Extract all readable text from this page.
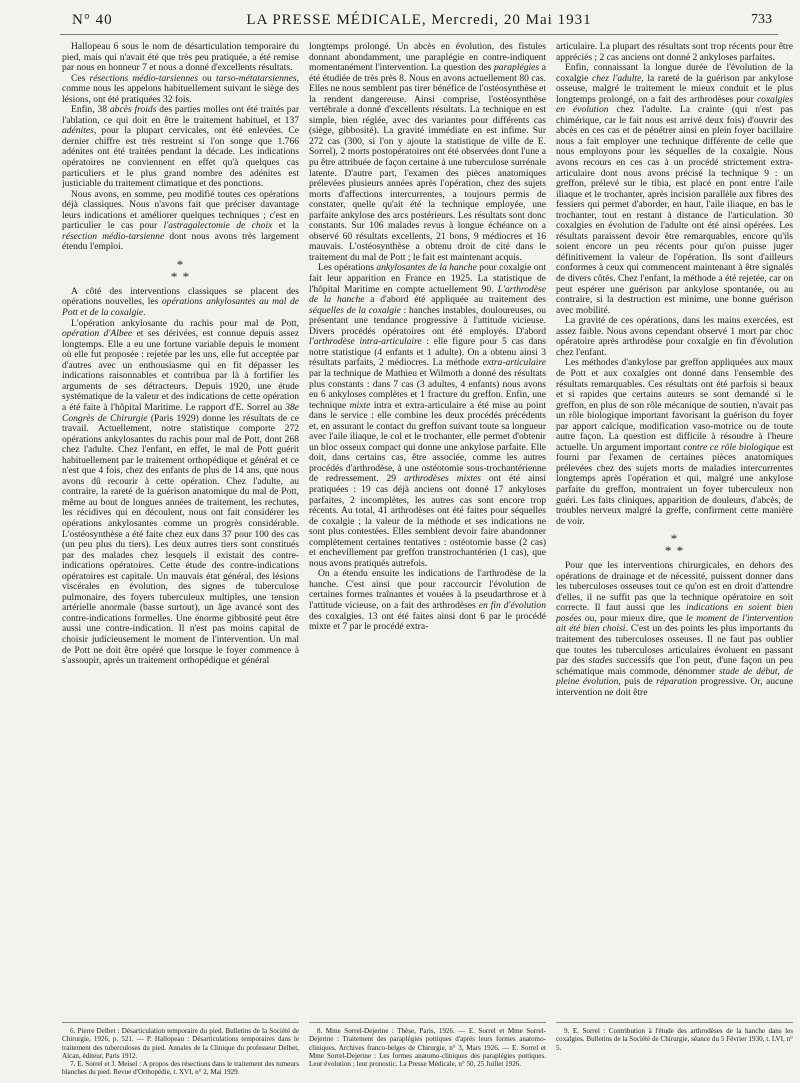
N° 40	LA PRESSE MÉDICALE, Mercredi, 20 Mai 1931	733

Hallopeau 6 sous le nom de désarticulation temporaire du pied, mais qui n'avait été que très peu pratiquée, a été remise par nous en honneur 7 et nous a donné d'excellents résultats.

Ces résections médio-tarsiennes ou tarso-métatarsiennes, comme nous les appelons habituellement suivant le siège des lésions, ont été pratiquées 32 fois.

Enfin, 38 abcès froids des parties molles ont été traités par l'ablation, ce qui doit en être le traitement habituel, et 137 adénites, pour la plupart cervicales, ont été enlevées. Ce dernier chiffre est très restreint si l'on songe que 1.766 adénites ont été traitées pendant la décade. Les indications opératoires ne conviennent en effet qu'à quelques cas particuliers et le plus grand nombre des adénites est justiciable du traitement climatique et des ponctions.

Nous avons, en somme, peu modifié toutes ces opérations déjà classiques. Nous n'avons fait que préciser davantage leurs indications et améliorer quelques techniques ; c'est en particulier le cas pour l'astragalectomie de choix et la résection médio-tarsienne dont nous avons très largement étendu l'emploi.

*
* *

A côté des interventions classiques se placent des opérations nouvelles, les opérations ankylosantes au mal de Pott et de la coxalgie.

L'opération ankylosante du rachis pour mal de Pott, opération d'Albee et ses dérivées, est connue depuis assez longtemps. Elle a eu une fortune variable depuis le moment où elle fut proposée : rejetée par les uns, elle fut acceptée par d'autres avec un enthousiasme qui en fit dépasser les indications raisonnables et contribua par là à fortifier les arguments de ses détracteurs. Depuis 1920, une étude systématique de la valeur et des indications de cette opération a été faite à l'hôpital Maritime. Le rapport d'E. Sorrel au 38e Congrès de Chirurgie (Paris 1929) donne les résultats de ce travail. Actuellement, notre statistique comporte 272 opérations ankylosantes du rachis pour mal de Pott, dont 268 chez l'adulte. Chez l'enfant, en effet, le mal de Pott guérit habituellement par le traitement orthopédique et général et ce n'est que 4 fois, chez des enfants de plus de 14 ans, que nous avons dû recourir à cette opération. Chez l'adulte, au contraire, la rareté de la guérison anatomique du mal de Pott, même au bout de longues années de traitement, les rechutes, les récidives qui en découlent, nous ont fait considérer les opérations ankylosantes comme un progrès considérable. L'ostéosynthèse a été faite chez eux dans 37 pour 100 des cas (un peu plus du tiers). Les deux autres tiers sont constitués par des malades chez lesquels il existait des contre-indications opératoires. Cette étude des contre-indications opératoires est capitale. Un mauvais état général, des lésions viscérales en évolution, des signes de tuberculose pulmonaire, des foyers tuberculeux multiples, une tension artérielle anormale (basse surtout), un âge avancé sont des contre-indications formelles. Une énorme gibbosité peut être aussi une contre-indication. Il n'est pas moins capital de choisir judicieusement le moment de l'intervention. Un mal de Pott ne doit être opéré que lorsque le foyer commence à s'assoupir, après un traitement orthopédique et général

longtemps prolongé. Un abcès en évolution, des fistules donnant abondamment, une paraplégie en contre-indiquent momentanément l'intervention. La question des paraplégies a été étudiée de très près 8. Nous en avons actuellement 80 cas. Elles ne nous semblent pas tirer bénéfice de l'ostéosynthèse et la rendent dangereuse. Ainsi comprise, l'ostéosynthèse vertébrale a donné d'excellents résultats. La technique en est simple, bien réglée, avec des variantes pour différents cas (siège, gibbosité). La gravité immédiate en est infime. Sur 272 cas (300, si l'on y ajoute la statistique de ville de E. Sorrel), 2 morts postopératoires ont été observées dont l'une a pu être attribuée de façon certaine à une tuberculose surrénale latente. D'autre part, l'examen des pièces anatomiques prélevées plusieurs années après l'opération, chez des sujets morts d'affections intercurrentes, a toujours permis de constater, quelle qu'ait été la technique employée, une parfaite ankylose des arcs postérieurs. Les résultats sont donc constants. Sur 106 malades revus à longue échéance on a observé 60 résultats excellents, 21 bons, 9 médiocres et 16 mauvais. L'ostéosynthèse a obtenu droit de cité dans le traitement du mal de Pott ; le fait est maintenant acquis.

Les opérations ankylosantes de la hanche pour coxalgie ont fait leur apparition en France en 1925. La statistique de l'hôpital Maritime en compte actuellement 90. L'arthrodèse de la hanche a d'abord été appliquée au traitement des séquelles de la coxalgie : hanches instables, douloureuses, ou présentant une tendance progressive à l'attitude vicieuse. Divers procédés opératoires ont été employés. D'abord l'arthrodèse intra-articulaire : elle figure pour 5 cas dans notre statistique (4 enfants et 1 adulte). On a obtenu ainsi 3 résultats parfaits, 2 médiocres. La méthode extra-articulaire par la technique de Mathieu et Wilmoth a donné des résultats plus constants : dans 7 cas (3 adultes, 4 enfants) nous avons eu 6 ankyloses complètes et 1 fracture du greffon. Enfin, une technique mixte intra et extra-articulaire a été mise au point dans le service : elle combine les deux procédés précédents et, en assurant le contact du greffon suivant toute sa longueur avec l'aile iliaque, le col et le trochanter, elle permet d'obtenir un bloc osseux compact qui donne une ankylose parfaite. Elle doit, dans certains cas, être associée, comme les autres procédés d'arthrodèse, à une ostéotomie sous-trochantérienne de redressement. 29 arthrodèses mixtes ont été ainsi pratiquées : 19 cas déjà anciens ont donné 17 ankyloses parfaites, 2 incomplètes, les autres cas sont encore trop récents. Au total, 41 arthrodèses ont été faites pour séquelles de coxalgie ; la valeur de la méthode et ses indications ne sont plus contestées. Elles semblent devoir faire abandonner complètement certaines tentatives : ostéotomie basse (2 cas) et enchevillement par greffon transtrochantérien (1 cas), que nous avons pratiqués autrefois.

On a étendu ensuite les indications de l'arthrodèse de la hanche. C'est ainsi que pour raccourcir l'évolution de certaines formes traînantes et vouées à la pseudarthrose et à l'attitude vicieuse, on a fait des arthrodèses en fin d'évolution des coxalgies. 13 ont été faites ainsi dont 6 par le procédé mixte et 7 par le procédé extra-

articulaire. La plupart des résultats sont trop récents pour être appréciés ; 2 cas anciens ont donné 2 ankyloses parfaites.

Enfin, connaissant la longue durée de l'évolution de la coxalgie chez l'adulte, la rareté de la guérison par ankylose osseuse, malgré le traitement le mieux conduit et le plus longtemps prolongé, on a fait des arthrodèses pour coxalgies en évolution chez l'adulte. La crainte (qui n'est pas chimérique, car le fait nous est arrivé deux fois) d'ouvrir des abcès en ces cas et de pénétrer ainsi en plein foyer bacillaire nous a fait employer une technique différente de celle que nous employons pour les séquelles de la coxalgie. Nous avons recours en ces cas à un procédé strictement extra-articulaire dont nous avons précisé la technique 9 : un greffon, prélevé sur le tibia, est placé en pont entre l'aile iliaque et le trochanter, après incision parallèle aux fibres des fessiers qui permet d'aborder, en haut, l'aile iliaque, en bas le trochanter, tout en restant à distance de l'articulation. 30 coxalgies en évolution de l'adulte ont été ainsi opérées. Les résultats paraissent devoir être remarquables, encore qu'ils soient encore un peu récents pour qu'on puisse juger définitivement la valeur de l'opération. Ils sont d'ailleurs conformes à ceux qui commencent maintenant à être signalés de divers côtés. Chez l'enfant, la méthode a été rejetée, car on peut espérer une guérison par ankylose spontanée, ou au contraire, si la destruction est minime, une bonne guérison avec mobilité.

La gravité de ces opérations, dans les mains exercées, est assez faible. Nous avons cependant observé 1 mort par choc opératoire après arthrodèse pour coxalgie en fin d'évolution chez l'enfant.

Les méthodes d'ankylose par greffon appliquées aux maux de Pott et aux coxalgies ont donné dans l'ensemble des résultats remarquables. Ces résultats ont été parfois si beaux et si rapides que certains auteurs se sont demandé si le greffon, en plus de son rôle mécanique de soutien, n'avait pas un rôle biologique important favorisant la guérison du foyer par apport calcique, modification vaso-motrice ou de toute autre façon. La question est difficile à résoudre à l'heure actuelle. Un argument important contre ce rôle biologique est fourni par l'examen de certaines pièces anatomiques prélevées chez des sujets morts de maladies intercurrentes longtemps après l'opération et qui, malgré une ankylose parfaite du greffon, montraient un foyer tuberculeux non guéri. Les faits cliniques, apparition de douleurs, d'abcès, de troubles nerveux malgré la greffe, confirment cette manière de voir.

*
* *

Pour que les interventions chirurgicales, en dehors des opérations de drainage et de nécessité, puissent donner dans les tuberculoses osseuses tout ce qu'on est en droit d'attendre d'elles, il ne suffit pas que la technique opératoire en soit correcte. Il faut aussi que les indications en soient bien posées ou, pour mieux dire, que le moment de l'intervention ait été bien choisi. C'est un des points les plus importants du traitement des tuberculoses osseuses. Il ne faut pas oublier que toutes les tuberculoses articulaires évoluent en passant par des stades successifs que l'on peut, d'une façon un peu schématique mais commode, dénommer stade de début, de pleine évolution, puis de réparation progressive. Or, aucune intervention ne doit être

6. Pierre Delbet : Désarticulation temporaire du pied. Bulletins de la Société de Chirurgie, 1926, p. 521. — P. Hallopeau : Désarticulations temporaires dans le traitement des tuberculoses du pied. Annales de la Clinique du professeur Delbet, Alcan, éditeur, Paris 1912.

7. E. Sorrel et J. Meisel : A propos des résections dans le traitement des tumeurs blanches du pied. Revue d'Orthopédie, t. XVI, n° 2, Mai 1929.

8. Mme Sorrel-Dejerine : Thèse, Paris, 1926. — E. Sorrel et Mme Sorrel-Dejerine : Traitement des paraplégies pottiques d'après leurs formes anatomo-cliniques. Archives franco-belges de Chirurgie, n° 3, Mars 1926. — E. Sorrel et Mme Sorrel-Dejerine : Les formes anatomo-cliniques des paraplégies pottiques. Leur évolution ; leur pronostic. La Presse Médicale, n° 50, 25 Juillet 1926.

9. E. Sorrel : Contribution à l'étude des arthrodèses de la hanche dans les coxalgies. Bulletins de la Société de Chirurgie, séance du 5 Février 1930, t. LVI, n° 5.
